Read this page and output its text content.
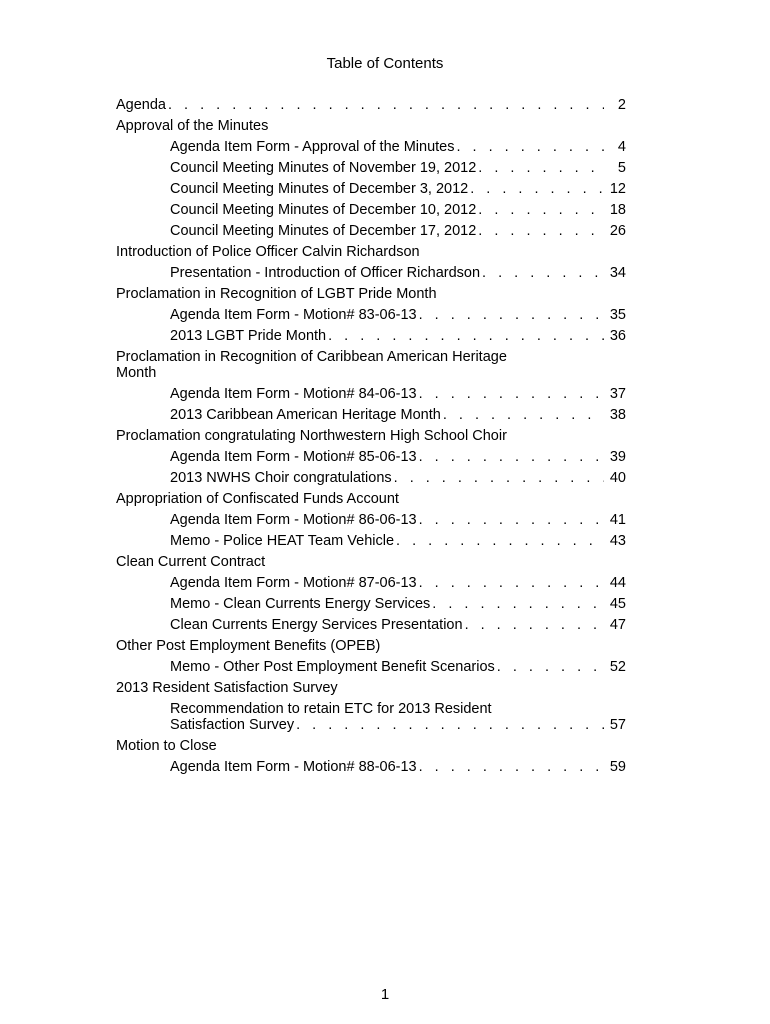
Table of Contents
Agenda . . .	2
Approval of the Minutes
Agenda Item Form - Approval of the Minutes . . .	4
Council Meeting Minutes of November 19, 2012 . . .	5
Council Meeting Minutes of December 3, 2012 . . .	12
Council Meeting Minutes of December 10, 2012 . . .	18
Council Meeting Minutes of December 17, 2012 . . .	26
Introduction of Police Officer Calvin Richardson
Presentation - Introduction of Officer Richardson . . .	34
Proclamation in Recognition of LGBT Pride Month
Agenda Item Form - Motion# 83-06-13 . . .	35
2013 LGBT Pride Month . . .	36
Proclamation in Recognition of Caribbean American Heritage Month
Agenda Item Form - Motion# 84-06-13 . . .	37
2013 Caribbean American Heritage Month . . .	38
Proclamation congratulating Northwestern High School Choir
Agenda Item Form - Motion# 85-06-13 . . .	39
2013 NWHS Choir congratulations . . .	40
Appropriation of Confiscated Funds Account
Agenda Item Form - Motion# 86-06-13 . . .	41
Memo - Police HEAT Team Vehicle . . .	43
Clean Current Contract
Agenda Item Form - Motion# 87-06-13 . . .	44
Memo - Clean Currents Energy Services . . .	45
Clean Currents Energy Services Presentation . . .	47
Other Post Employment Benefits (OPEB)
Memo - Other Post Employment Benefit Scenarios . . .	52
2013 Resident Satisfaction Survey
Recommendation to retain ETC for 2013 Resident
Satisfaction Survey . . .	57
Motion to Close
Agenda Item Form - Motion# 88-06-13 . . .	59
1
